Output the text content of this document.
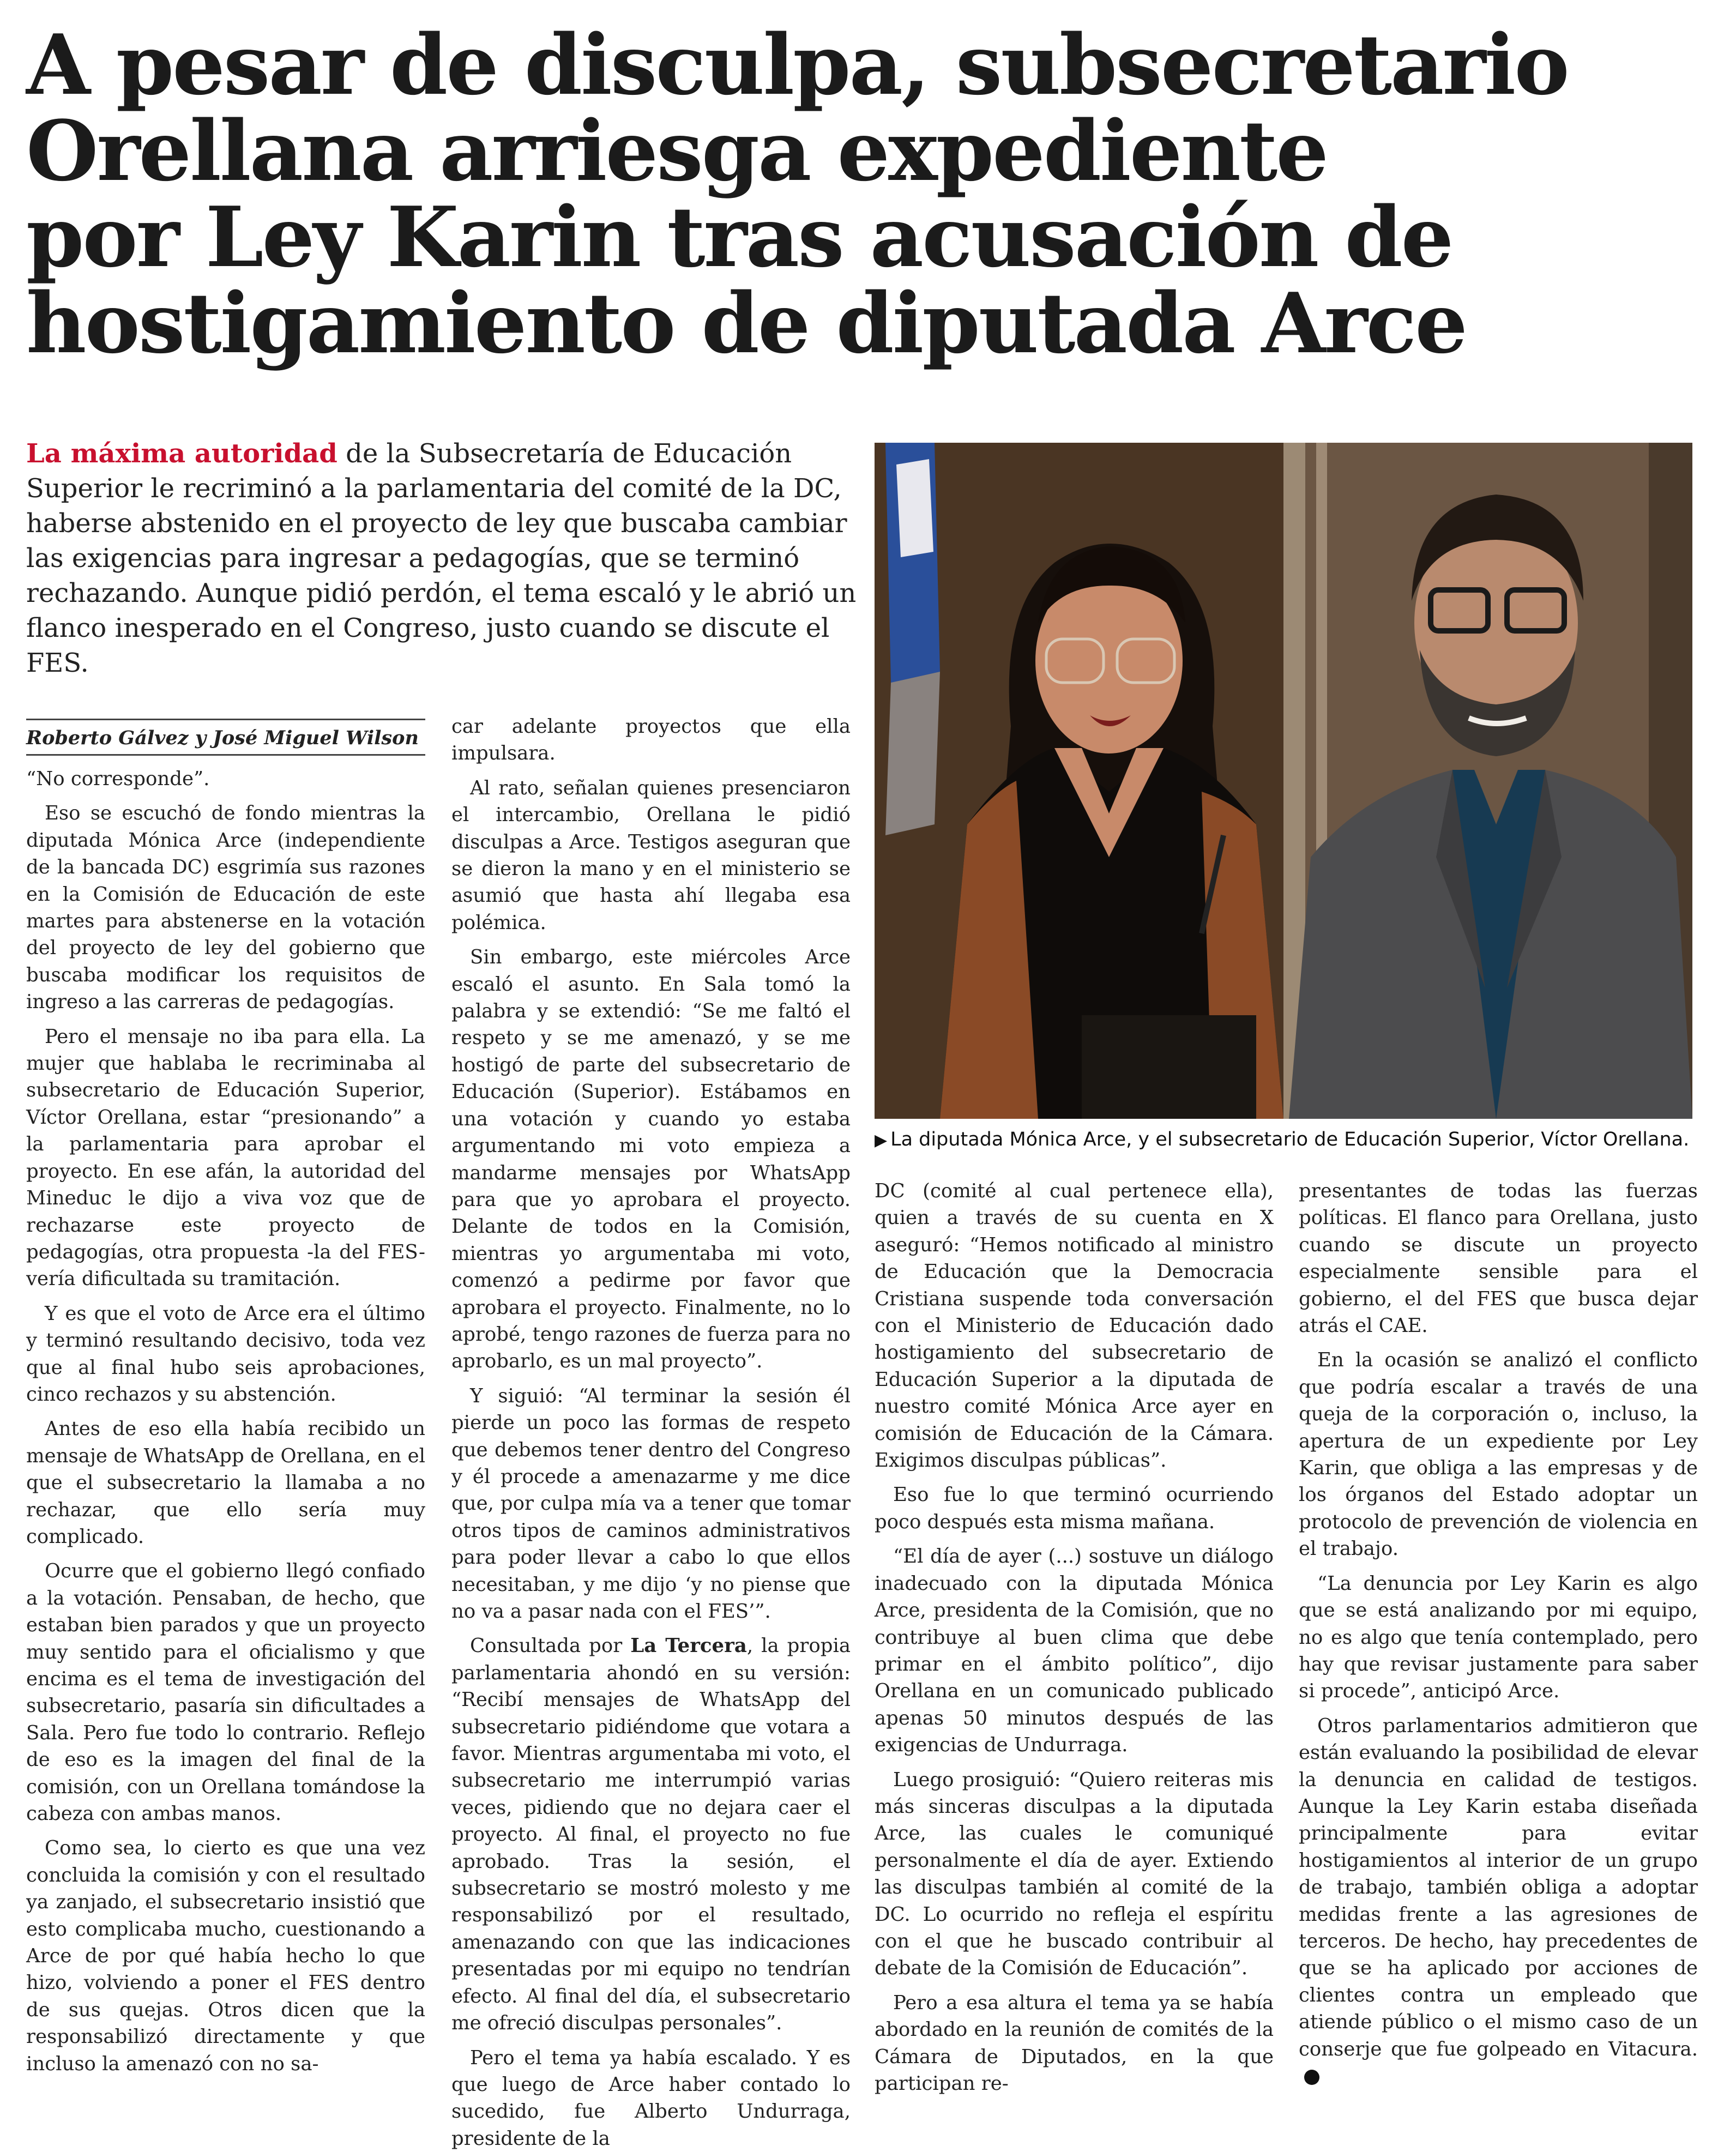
A pesar de disculpa, subsecretario
Orellana arriesga expediente
por Ley Karin tras acusación de
hostigamiento de diputada Arce

La máxima autoridad de la Subsecretaría de Educación Superior le recriminó a la parlamentaria del comité de la DC, haberse abstenido en el proyecto de ley que buscaba cambiar las exigencias para ingresar a pedagogías, que se terminó rechazando. Aunque pidió perdón, el tema escaló y le abrió un flanco inesperado en el Congreso, justo cuando se discute el FES.

▶ La diputada Mónica Arce, y el subsecretario de Educación Superior, Víctor Orellana.
Roberto Gálvez y José Miguel Wilson

“No corresponde”.

Eso se escuchó de fondo mientras la diputada Mónica Arce (independiente de la bancada DC) esgrimía sus razones en la Comisión de Educación de este martes para abstenerse en la votación del proyecto de ley del gobierno que buscaba modificar los requisitos de ingreso a las carreras de pedagogías.

Pero el mensaje no iba para ella. La mujer que hablaba le recriminaba al subsecretario de Educación Superior, Víctor Orellana, estar “presionando” a la parlamentaria para aprobar el proyecto. En ese afán, la autoridad del Mineduc le dijo a viva voz que de rechazarse este proyecto de pedagogías, otra propuesta -la del FES- vería dificultada su tramitación.

Y es que el voto de Arce era el último y terminó resultando decisivo, toda vez que al final hubo seis aprobaciones, cinco rechazos y su abstención.

Antes de eso ella había recibido un mensaje de WhatsApp de Orellana, en el que el subsecretario la llamaba a no rechazar, que ello sería muy complicado.

Ocurre que el gobierno llegó confiado a la votación. Pensaban, de hecho, que estaban bien parados y que un proyecto muy sentido para el oficialismo y que encima es el tema de investigación del subsecretario, pasaría sin dificultades a Sala. Pero fue todo lo contrario. Reflejo de eso es la imagen del final de la comisión, con un Orellana tomándose la cabeza con ambas manos.

Como sea, lo cierto es que una vez concluida la comisión y con el resultado ya zanjado, el subsecretario insistió que esto complicaba mucho, cuestionando a Arce de por qué había hecho lo que hizo, volviendo a poner el FES dentro de sus quejas. Otros dicen que la responsabilizó directamente y que incluso la amenazó con no sa-

car adelante proyectos que ella impulsara.

Al rato, señalan quienes presenciaron el intercambio, Orellana le pidió disculpas a Arce. Testigos aseguran que se dieron la mano y en el ministerio se asumió que hasta ahí llegaba esa polémica.

Sin embargo, este miércoles Arce escaló el asunto. En Sala tomó la palabra y se extendió: “Se me faltó el respeto y se me amenazó, y se me hostigó de parte del subsecretario de Educación (Superior). Estábamos en una votación y cuando yo estaba argumentando mi voto empieza a mandarme mensajes por WhatsApp para que yo aprobara el proyecto. Delante de todos en la Comisión, mientras yo argumentaba mi voto, comenzó a pedirme por favor que aprobara el proyecto. Finalmente, no lo aprobé, tengo razones de fuerza para no aprobarlo, es un mal proyecto”.

Y siguió: “Al terminar la sesión él pierde un poco las formas de respeto que debemos tener dentro del Congreso y él procede a amenazarme y me dice que, por culpa mía va a tener que tomar otros tipos de caminos administrativos para poder llevar a cabo lo que ellos necesitaban, y me dijo ‘y no piense que no va a pasar nada con el FES’”.

Consultada por La Tercera, la propia parlamentaria ahondó en su versión: “Recibí mensajes de WhatsApp del subsecretario pidiéndome que votara a favor. Mientras argumentaba mi voto, el subsecretario me interrumpió varias veces, pidiendo que no dejara caer el proyecto. Al final, el proyecto no fue aprobado. Tras la sesión, el subsecretario se mostró molesto y me responsabilizó por el resultado, amenazando con que las indicaciones presentadas por mi equipo no tendrían efecto. Al final del día, el subsecretario me ofreció disculpas personales”.

Pero el tema ya había escalado. Y es que luego de Arce haber contado lo sucedido, fue Alberto Undurraga, presidente de la

DC (comité al cual pertenece ella), quien a través de su cuenta en X aseguró: “Hemos notificado al ministro de Educación que la Democracia Cristiana suspende toda conversación con el Ministerio de Educación dado hostigamiento del subsecretario de Educación Superior a la diputada de nuestro comité Mónica Arce ayer en comisión de Educación de la Cámara. Exigimos disculpas públicas”.

Eso fue lo que terminó ocurriendo poco después esta misma mañana.

“El día de ayer (...) sostuve un diálogo inadecuado con la diputada Mónica Arce, presidenta de la Comisión, que no contribuye al buen clima que debe primar en el ámbito político”, dijo Orellana en un comunicado publicado apenas 50 minutos después de las exigencias de Undurraga.

Luego prosiguió: “Quiero reiteras mis más sinceras disculpas a la diputada Arce, las cuales le comuniqué personalmente el día de ayer. Extiendo las disculpas también al comité de la DC. Lo ocurrido no refleja el espíritu con el que he buscado contribuir al debate de la Comisión de Educación”.

Pero a esa altura el tema ya se había abordado en la reunión de comités de la Cámara de Diputados, en la que participan re-

presentantes de todas las fuerzas políticas. El flanco para Orellana, justo cuando se discute un proyecto especialmente sensible para el gobierno, el del FES que busca dejar atrás el CAE.

En la ocasión se analizó el conflicto que podría escalar a través de una queja de la corporación o, incluso, la apertura de un expediente por Ley Karin, que obliga a las empresas y de los órganos del Estado adoptar un protocolo de prevención de violencia en el trabajo.

“La denuncia por Ley Karin es algo que se está analizando por mi equipo, no es algo que tenía contemplado, pero hay que revisar justamente para saber si procede”, anticipó Arce.

Otros parlamentarios admitieron que están evaluando la posibilidad de elevar la denuncia en calidad de testigos. Aunque la Ley Karin estaba diseñada principalmente para evitar hostigamientos al interior de un grupo de trabajo, también obliga a adoptar medidas frente a las agresiones de terceros. De hecho, hay precedentes de que se ha aplicado por acciones de clientes contra un empleado que atiende público o el mismo caso de un conserje que fue golpeado en Vitacura.
